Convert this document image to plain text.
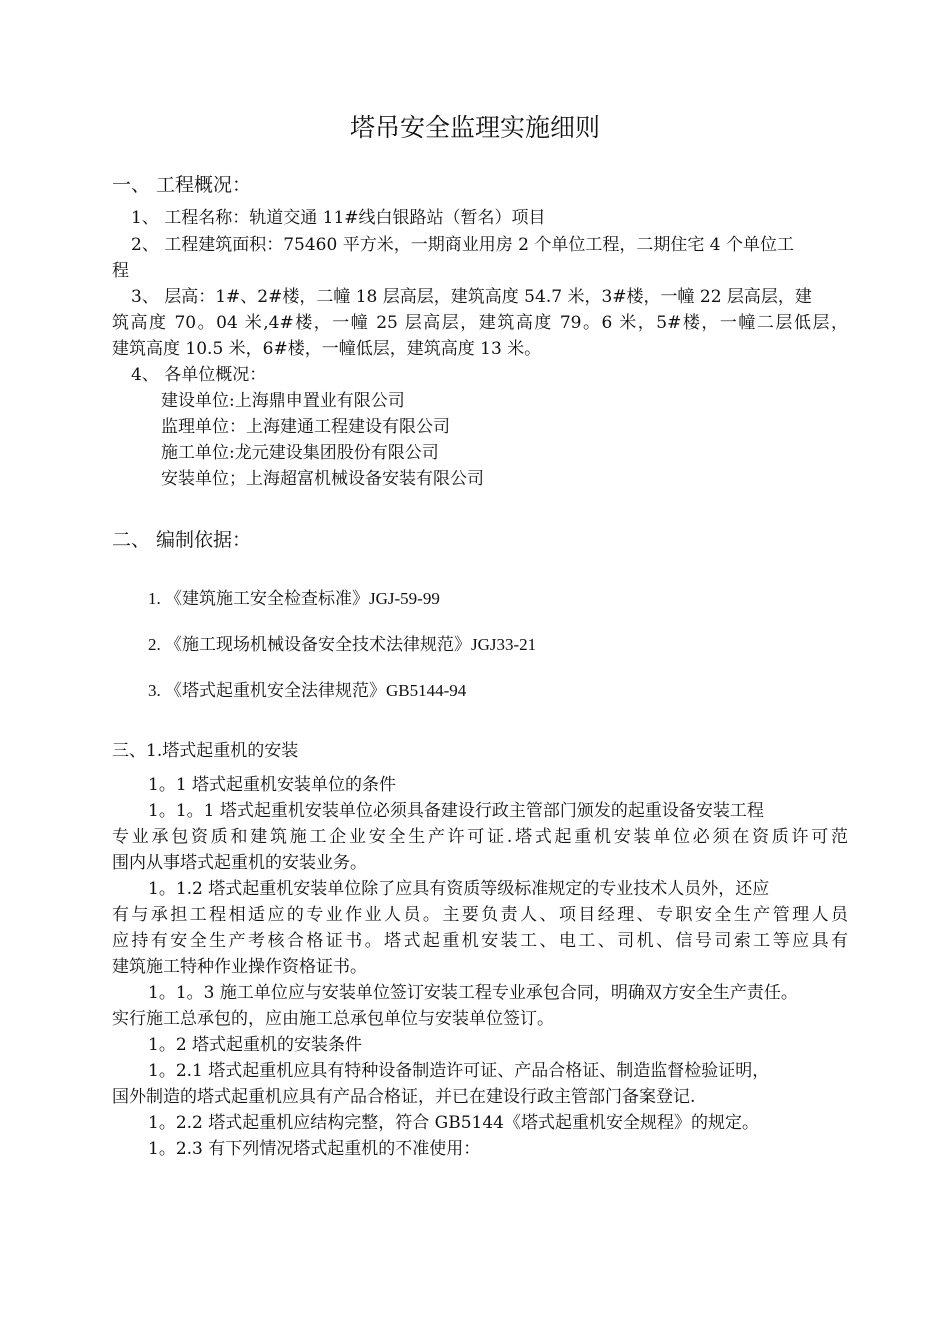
塔吊安全监理实施细则
一、 工程概况：
1、 工程名称：轨道交通 11#线白银路站（暂名）项目
2、 工程建筑面积：75460 平方米，一期商业用房 2 个单位工程，二期住宅 4 个单位工
程
3、 层高：1#、2#楼，二幢 18 层高层，建筑高度 54.7 米，3#楼，一幢 22 层高层，建
筑高度 70。04 米,4#楼，一幢 25 层高层，建筑高度 79。6 米，5#楼，一幢二层低层，
建筑高度 10.5 米，6#楼，一幢低层，建筑高度 13 米。
4、 各单位概况：
建设单位:上海鼎申置业有限公司
监理单位：上海建通工程建设有限公司
施工单位:龙元建设集团股份有限公司
安装单位；上海超富机械设备安装有限公司
二、 编制依据：
1. 《建筑施工安全检查标准》JGJ-59-99
2. 《施工现场机械设备安全技术法律规范》JGJ33-21
3. 《塔式起重机安全法律规范》GB5144-94
三、1.塔式起重机的安装
1。1 塔式起重机安装单位的条件
1。1。1 塔式起重机安装单位必须具备建设行政主管部门颁发的起重设备安装工程
专业承包资质和建筑施工企业安全生产许可证.塔式起重机安装单位必须在资质许可范
围内从事塔式起重机的安装业务。
1。1.2 塔式起重机安装单位除了应具有资质等级标准规定的专业技术人员外，还应
有与承担工程相适应的专业作业人员。主要负责人、项目经理、专职安全生产管理人员
应持有安全生产考核合格证书。塔式起重机安装工、电工、司机、信号司索工等应具有
建筑施工特种作业操作资格证书。
1。1。3 施工单位应与安装单位签订安装工程专业承包合同，明确双方安全生产责任。
实行施工总承包的，应由施工总承包单位与安装单位签订。
1。2 塔式起重机的安装条件
1。2.1 塔式起重机应具有特种设备制造许可证、产品合格证、制造监督检验证明，
国外制造的塔式起重机应具有产品合格证，并已在建设行政主管部门备案登记.
1。2.2 塔式起重机应结构完整，符合 GB5144《塔式起重机安全规程》的规定。
1。2.3 有下列情况塔式起重机的不准使用：
